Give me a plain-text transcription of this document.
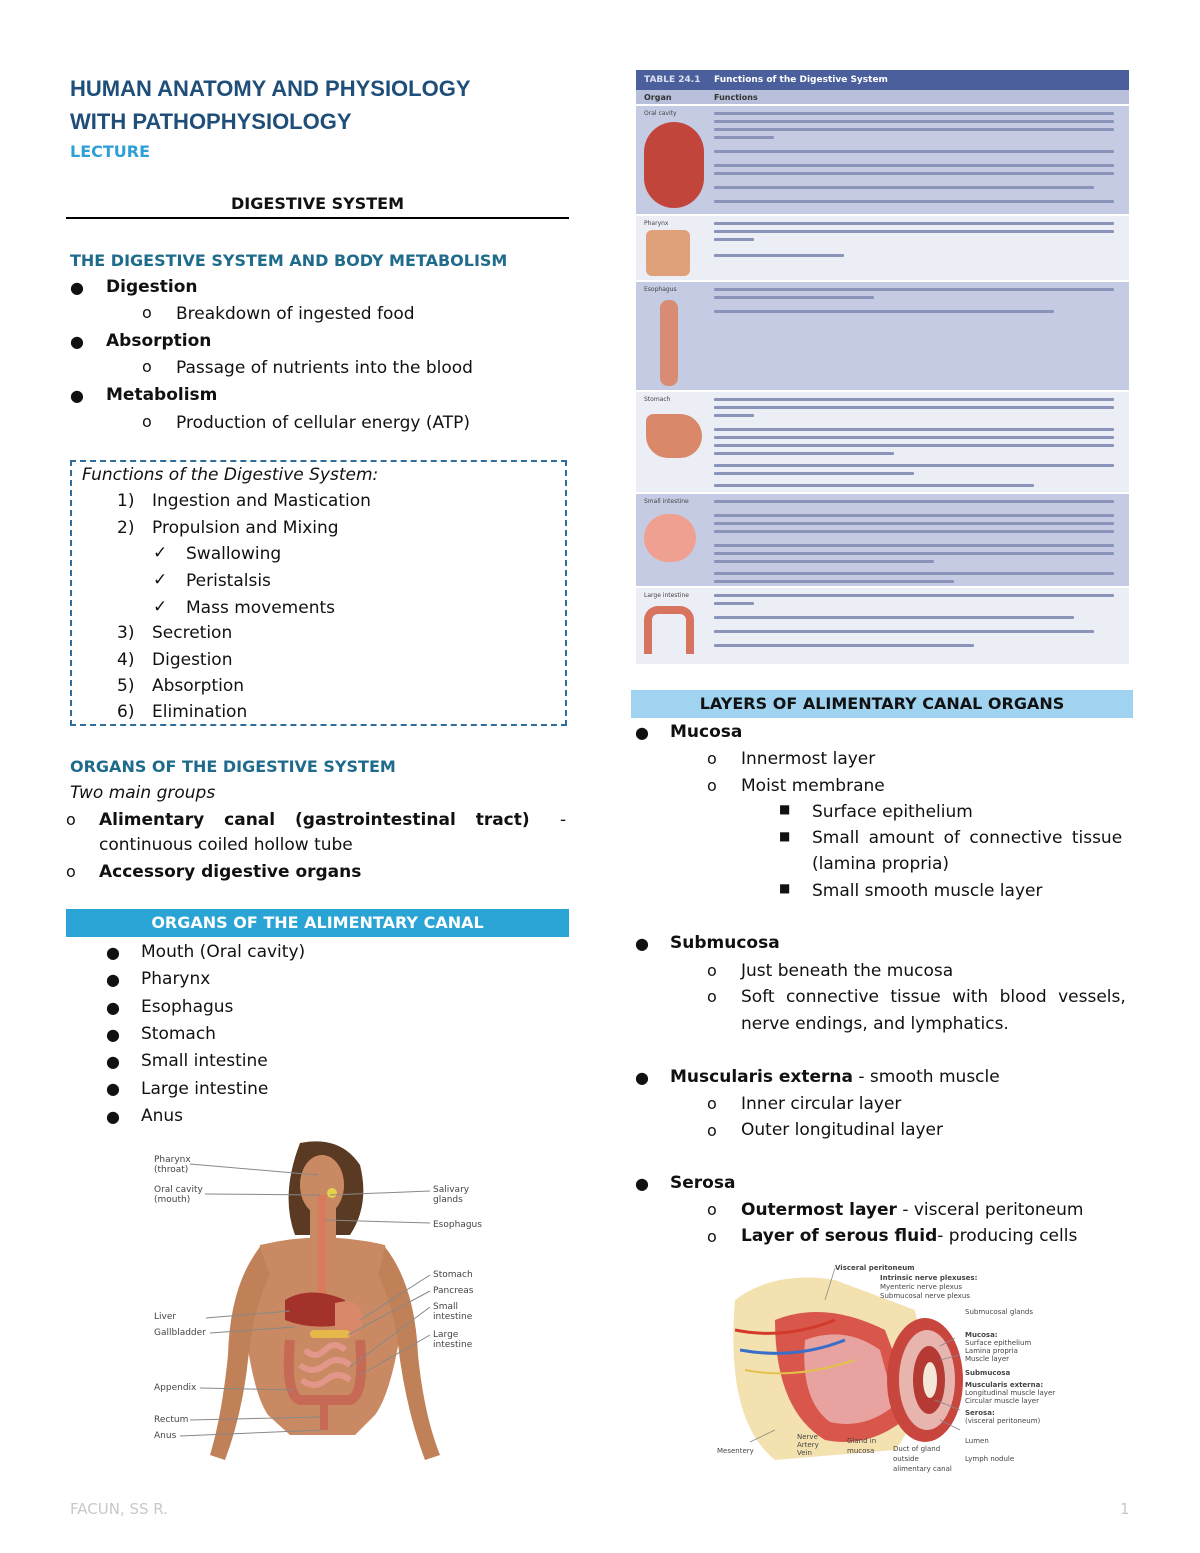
HUMAN ANATOMY AND PHYSIOLOGY
WITH PATHOPHYSIOLOGY
LECTURE
DIGESTIVE SYSTEM
THE DIGESTIVE SYSTEM AND BODY METABOLISM
● Digestion
o Breakdown of ingested food
● Absorption
o Passage of nutrients into the blood
● Metabolism
o Production of cellular energy (ATP)
Functions of the Digestive System:
1) Ingestion and Mastication
2) Propulsion and Mixing
✓ Swallowing
✓ Peristalsis
✓ Mass movements
3) Secretion
4) Digestion
5) Absorption
6) Elimination
ORGANS OF THE DIGESTIVE SYSTEM
Two main groups
o Alimentary canal (gastrointestinal tract) -
continuous coiled hollow tube
o Accessory digestive organs
ORGANS OF THE ALIMENTARY CANAL
● Mouth (Oral cavity)
● Pharynx
● Esophagus
● Stomach
● Small intestine
● Large intestine
● Anus
Pharynx (throat)
Oral cavity (mouth)
Liver
Gallbladder
Appendix
Rectum
Anus
Salivary glands
Esophagus
Stomach
Pancreas
Small intestine
Large intestine
TABLE 24.1 Functions of the Digestive System
Organ	Functions
Oral cavity
Pharynx
Esophagus
Stomach
Small intestine
Large intestine
LAYERS OF ALIMENTARY CANAL ORGANS
● Mucosa
o Innermost layer
o Moist membrane
■ Surface epithelium
■ Small amount of connective tissue
(lamina propria)
■ Small smooth muscle layer
● Submucosa
o Just beneath the mucosa
o Soft connective tissue with blood vessels,
nerve endings, and lymphatics.
● Muscularis externa - smooth muscle
o Inner circular layer
o Outer longitudinal layer
● Serosa
o Outermost layer - visceral peritoneum
o Layer of serous fluid- producing cells
Visceral peritoneum
Intrinsic nerve plexuses:
Myenteric nerve plexus
Submucosal nerve plexus
Submucosal glands
Mucosa:
Surface epithelium
Lamina propria
Muscle layer
Submucosa
Muscularis externa:
Longitudinal muscle layer
Circular muscle layer
Serosa:
(visceral peritoneum)
Lumen
Lymph nodule
Mesentery
Nerve
Artery
Vein
Gland in mucosa	Duct of gland outside alimentary canal
FACUN, SS R.	1
